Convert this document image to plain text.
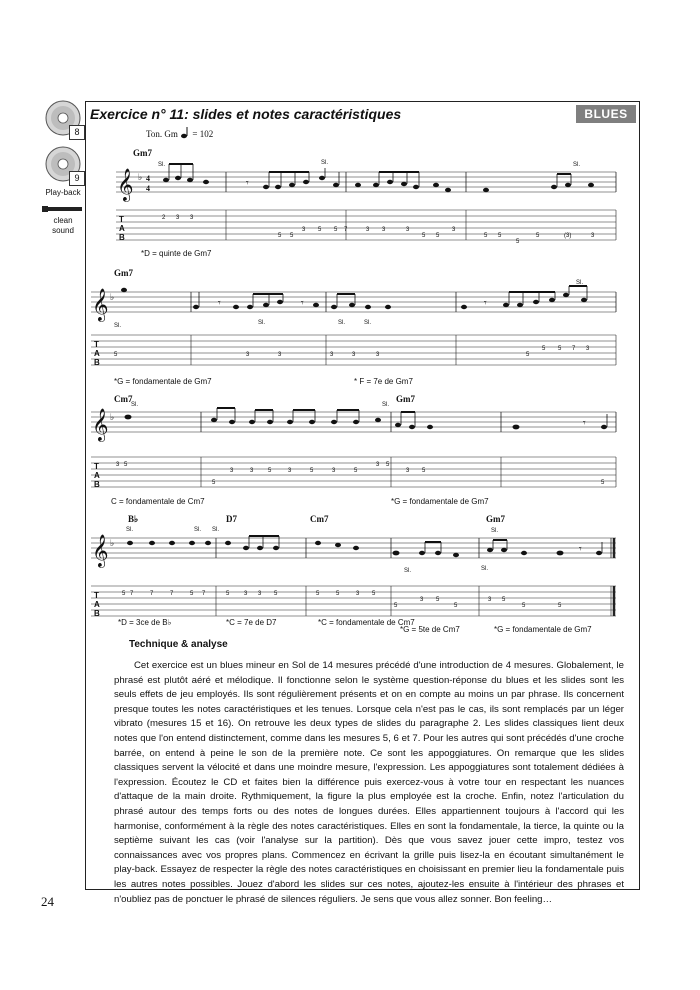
8
9
Play-back
clean
sound
Exercice n° 11: slides et notes caractéristiques	BLUES
Ton. Gm = 102
Gm7
𝄞 ♭ 4
4	𝄾
Sl.	Sl.	Sl.
T
A
B
2 3 3
5 5
3 5 5 7	3 3	3
5 5
3
5 5
5
5	(3)	3
*D = quinte de Gm7
Gm7
𝄞 ♭	𝄾	𝄾	𝄾
Sl.	Sl.	Sl.	Sl.
Sl.
T
A
B
5	3	3	3	3	3	5
5 5 7 3
*G = fondamentale de Gm7	* F = 7e de Gm7
Cm7	Gm7
𝄞 ♭	𝄾
Sl.	Sl.
T
A
B
3 5
5
3	3 5	3	5	3	5
3 5
3 5
5
C = fondamentale de Cm7	*G = fondamentale de Gm7
B♭	D7	Cm7	Gm7
𝄞 ♭	𝄾
Sl.	Sl. Sl.
Sl.	Sl.
Sl.
T
A
B
5 7	7	7	5 7	5 3 3 5	5	5	3 5
5
3 5
5
3 5
5	5
*D = 3ce de B♭	*C = 7e de D7	*C = fondamentale de Cm7
*G = 5te de Cm7	*G = fondamentale de Gm7
Technique & analyse

Cet exercice est un blues mineur en Sol de 14 mesures précédé d'une introduction de 4 mesures. Globalement, le phrasé est plutôt aéré et mélodique. Il fonctionne selon le système question-réponse du blues et les slides sont les seuls effets de jeu employés. Ils sont régulièrement présents et on en compte au moins un par phrase. Ils concernent presque toutes les notes caractéristiques et les tenues. Lorsque cela n'est pas le cas, ils sont remplacés par un léger vibrato (mesures 15 et 16). On retrouve les deux types de slides du paragraphe 2. Les slides classiques lient deux notes que l'on entend distinctement, comme dans les mesures 5, 6 et 7. Pour les autres qui sont précédés d'une croche barrée, on entend à peine le son de la première note. Ce sont les appoggiatures. On remarque que les slides classiques servent la vélocité et dans une moindre mesure, l'expression. Les appoggiatures sont totalement dédiées à l'expression. Écoutez le CD et faites bien la différence puis exercez-vous à votre tour en respectant les nuances d'attaque de la main droite. Rythmiquement, la figure la plus employée est la croche. Enfin, notez l'articulation du phrasé autour des temps forts ou des notes de longues durées. Elles appartiennent toujours à l'accord qui les harmonise, conformément à la règle des notes caractéristiques. Elles en sont la fondamentale, la tierce, la quinte ou la septième suivant les cas (voir l'analyse sur la partition). Dès que vous savez jouer cette impro, testez vos connaissances avec vos propres plans. Commencez en écrivant la grille puis lisez-la en écoutant simultanément le play-back. Essayez de respecter la règle des notes caractéristiques en choisissant en premier lieu la fondamentale puis les autres notes possibles. Jouez d'abord les slides sur ces notes, ajoutez-les ensuite à l'intérieur des phrases et n'oubliez pas de ponctuer le phrasé de silences réguliers. Je sens que vous allez sonner. Bon feeling…

24
